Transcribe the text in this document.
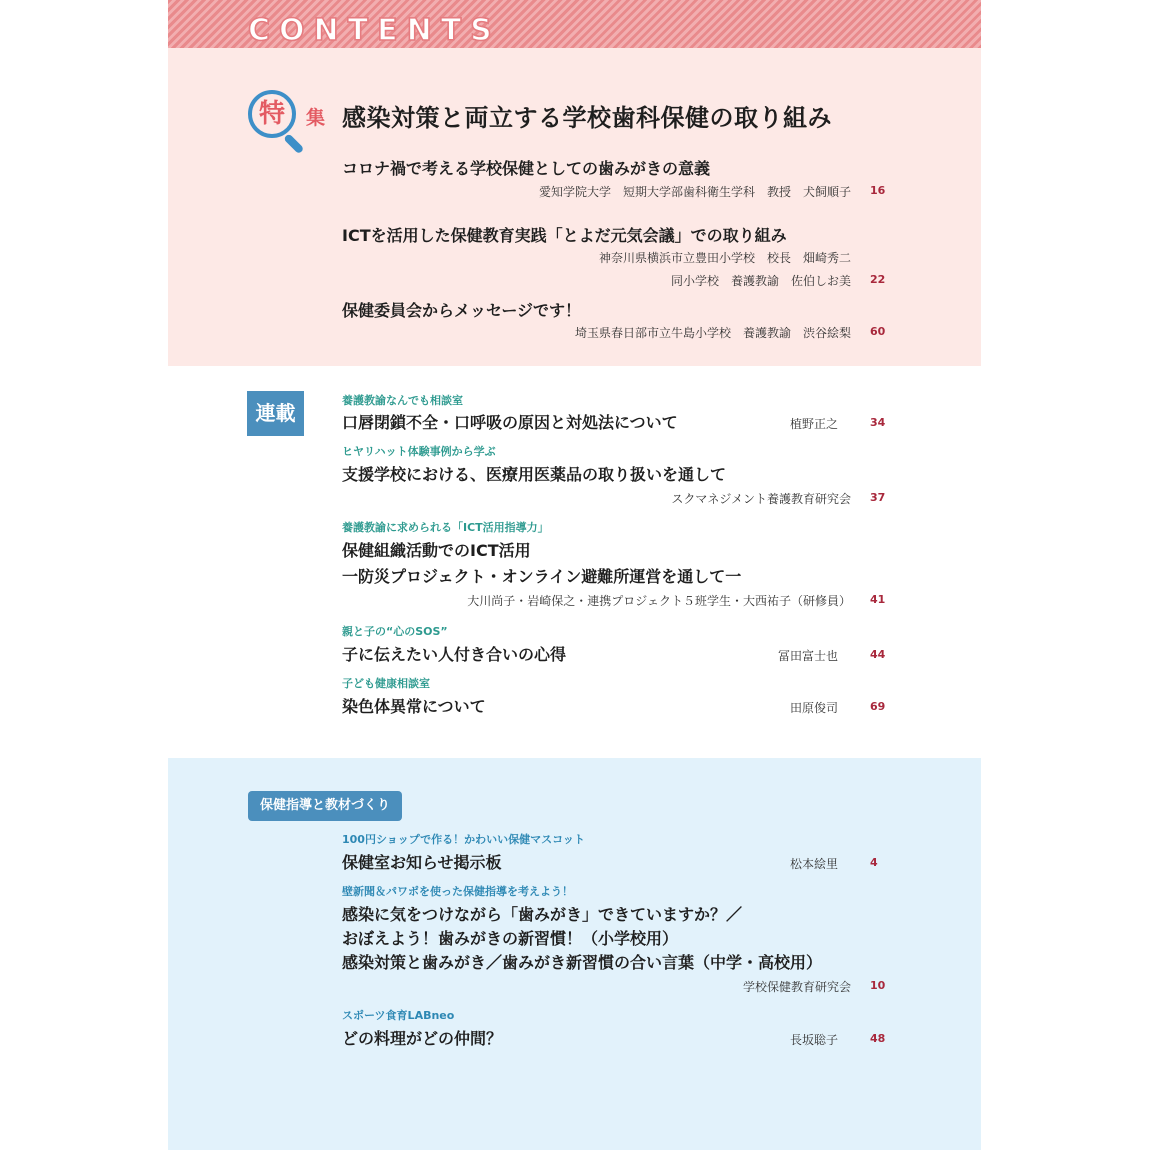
CONTENTS
特	集 感染対策と両立する学校歯科保健の取り組み
コロナ禍で考える学校保健としての歯みがきの意義
愛知学院大学　短期大学部歯科衛生学科　教授　犬飼順子 16
ICTを活用した保健教育実践「とよだ元気会議」での取り組み
神奈川県横浜市立豊田小学校　校長　畑崎秀二
同小学校　養護教諭　佐伯しお美 22
保健委員会からメッセージです！
埼玉県春日部市立牛島小学校　養護教諭　渋谷絵梨 60
連載
養護教諭なんでも相談室
口唇閉鎖不全・口呼吸の原因と対処法について	植野正之	34
ヒヤリハット体験事例から学ぶ
支援学校における、医療用医薬品の取り扱いを通して
スクマネジメント養護教育研究会 37
養護教諭に求められる「ICT活用指導力」
保健組織活動でのICT活用
一防災プロジェクト・オンライン避難所運営を通して一
大川尚子・岩崎保之・連携プロジェクト５班学生・大西祐子（研修員） 41
親と子の“心のSOS”
子に伝えたい人付き合いの心得	冨田富士也	44
子ども健康相談室
染色体異常について	田原俊司	69
保健指導と教材づくり
100円ショップで作る！かわいい保健マスコット
保健室お知らせ掲示板	松本絵里	4
壁新聞＆パワポを使った保健指導を考えよう！
感染に気をつけながら「歯みがき」できていますか？／
おぼえよう！歯みがきの新習慣！（小学校用）
感染対策と歯みがき／歯みがき新習慣の合い言葉（中学・高校用）
学校保健教育研究会 10
スポーツ食育LABneo
どの料理がどの仲間？	長坂聡子	48
